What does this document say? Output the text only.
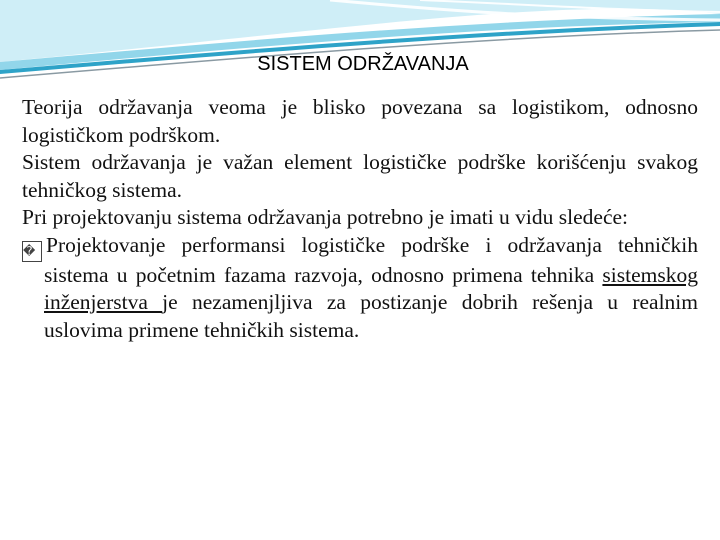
SISTEM ODRŽAVANJA

Teorija održavanja veoma je blisko povezana sa logistikom, odnosno logističkom podrškom.

Sistem održavanja je važan element logističke podrške korišćenju svakog tehničkog sistema.

Pri projektovanju sistema održavanja potrebno je imati u vidu sledeće:

� Projektovanje performansi logističke podrške i održavanja tehničkih sistema u početnim fazama razvoja, odnosno primena tehnika sistemskog inženjerstva je nezamenjljiva za postizanje dobrih rešenja u realnim uslovima primene tehničkih sistema.
